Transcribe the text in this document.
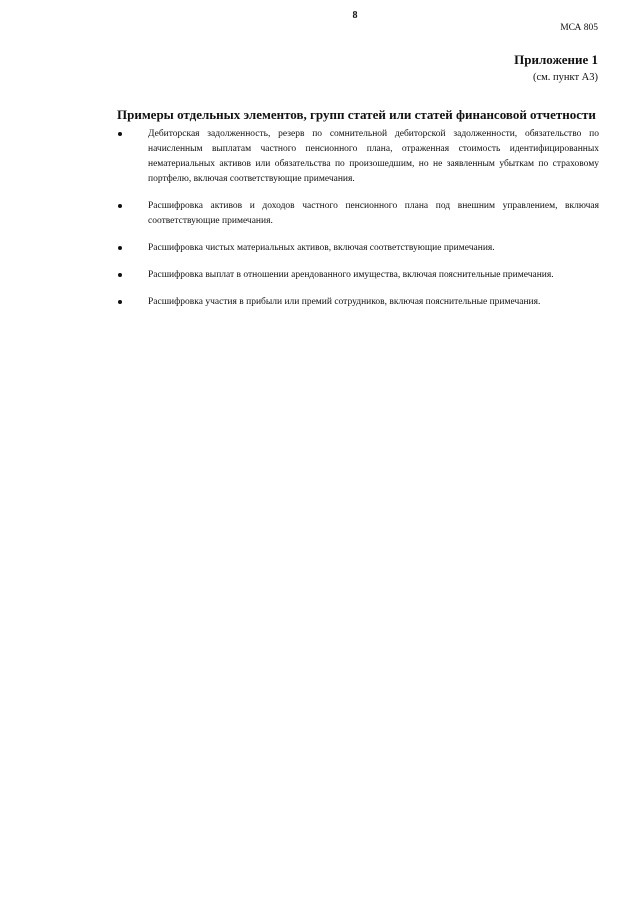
8
МСА 805
Приложение 1
(см. пункт А3)
Примеры отдельных элементов, групп статей или статей финансовой отчетности
Дебиторская задолженность, резерв по сомнительной дебиторской задолженности, обязательство по начисленным выплатам частного пенсионного плана, отраженная стоимость идентифицированных нематериальных активов или обязательства по произошедшим, но не заявленным убыткам по страховому портфелю, включая соответствующие примечания.
Расшифровка активов и доходов частного пенсионного плана под внешним управлением, включая соответствующие примечания.
Расшифровка чистых материальных активов, включая соответствующие примечания.
Расшифровка выплат в отношении арендованного имущества, включая пояснительные примечания.
Расшифровка участия в прибыли или премий сотрудников, включая пояснительные примечания.
